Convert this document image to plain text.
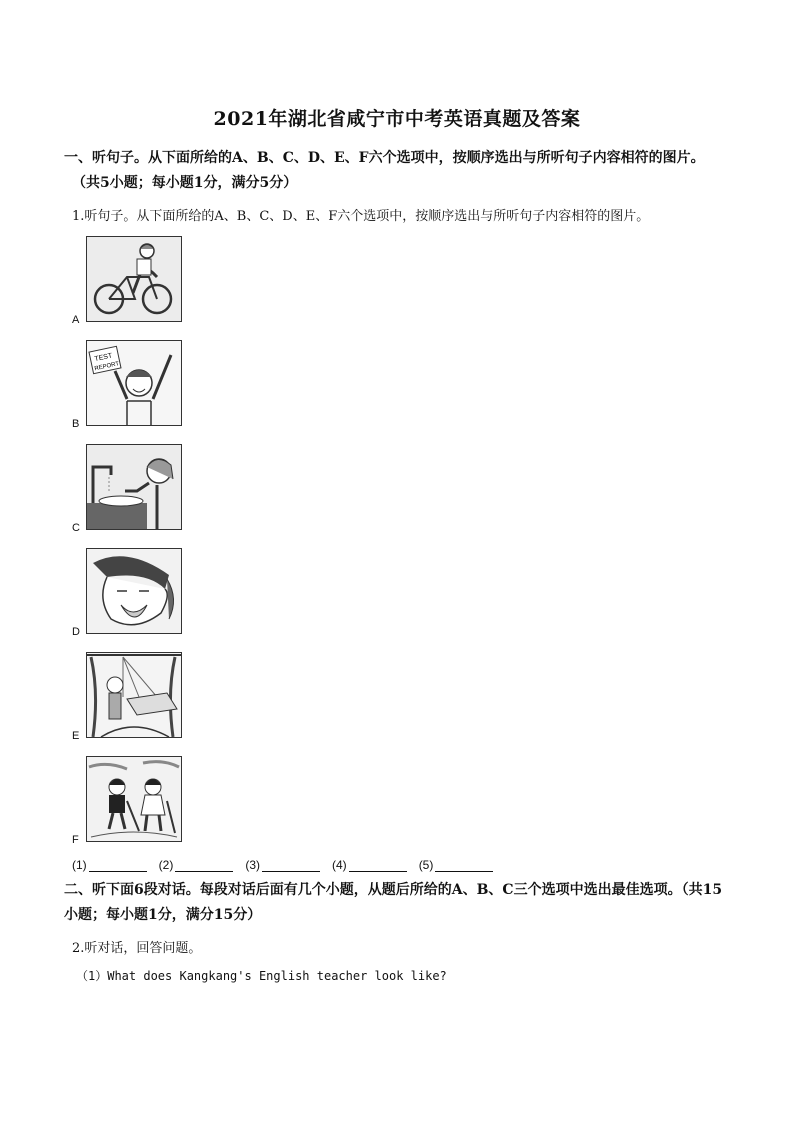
2021年湖北省咸宁市中考英语真题及答案
一、听句子。从下面所给的A、B、C、D、E、F六个选项中，按顺序选出与所听句子内容相符的图片。
（共5小题；每小题1分，满分5分）
1.听句子。从下面所给的A、B、C、D、E、F六个选项中，按顺序选出与所听句子内容相符的图片。
A
TEST
REPORT
B
C
D
E
F
(1)	(2)	(3)	(4)	(5)
二、听下面6段对话。每段对话后面有几个小题，从题后所给的A、B、C三个选项中选出最佳选项。（共15小题；每小题1分，满分15分）
2.听对话，回答问题。
（1）What does Kangkang's English teacher look like?
